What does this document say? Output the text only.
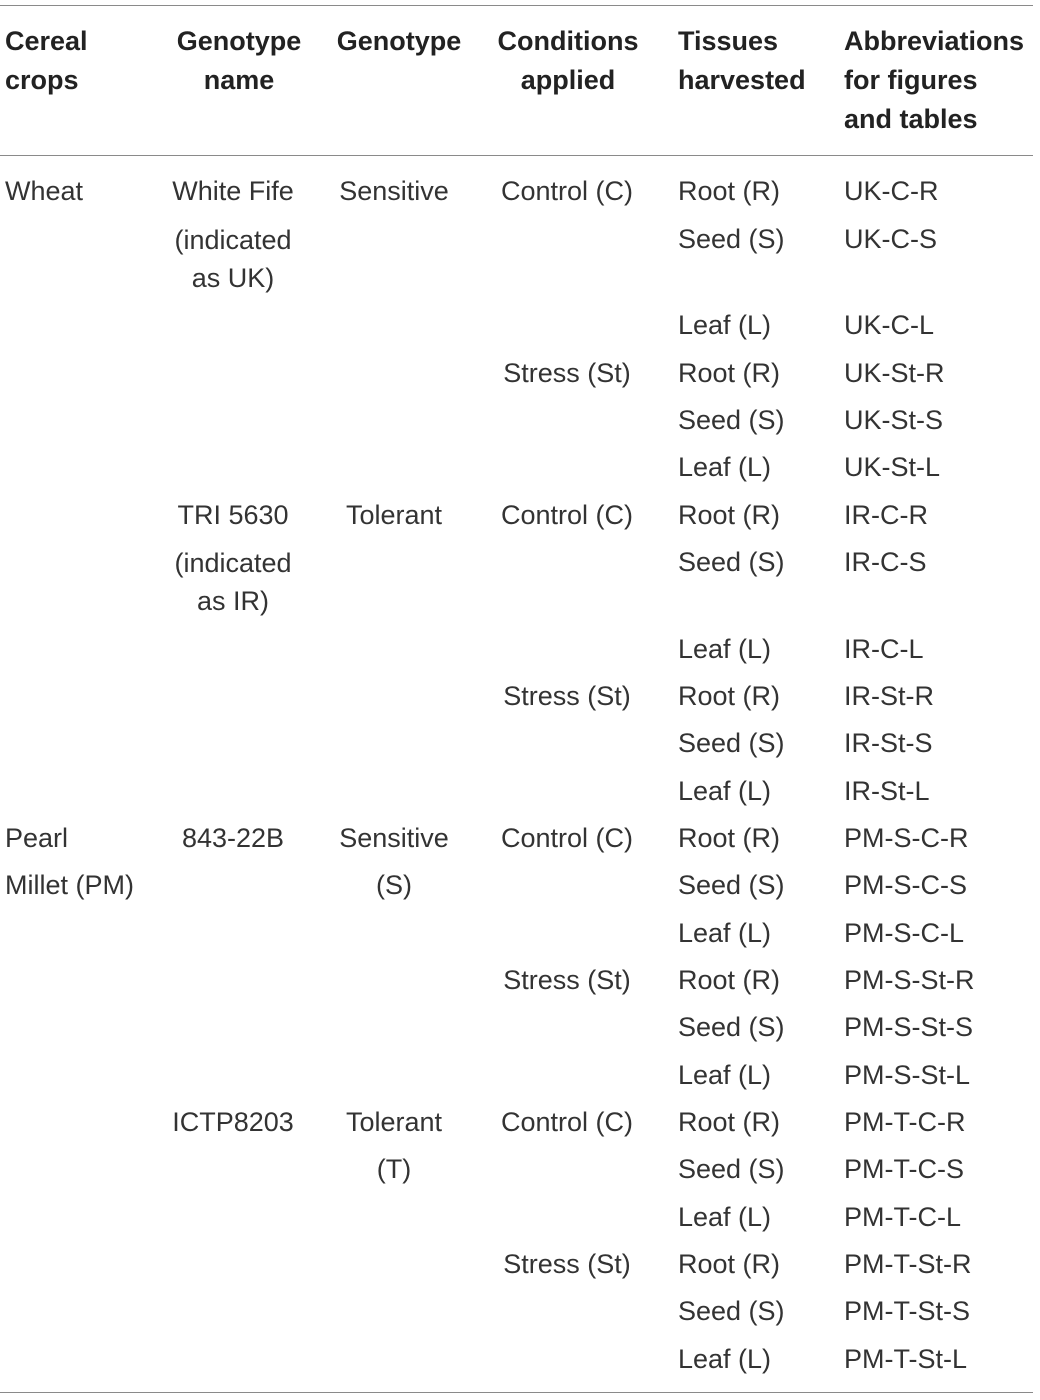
Cereal
crops
Genotype
name
Genotype Conditions
applied
Tissues
harvested
Abbreviations
for figures
and tables
Wheat
Pearl
Millet (PM)
White Fife
(indicated
as UK)
TRI 5630
(indicated
as IR)
843-22B
ICTP8203
Sensitive
Tolerant
Sensitive
(S)
Tolerant
(T)
Control (C)
Stress (St)
Control (C)
Stress (St)
Control (C)
Stress (St)
Control (C)
Stress (St)
Root (R)
Seed (S)
Leaf (L)
Root (R)
Seed (S)
Leaf (L)
Root (R)
Seed (S)
Leaf (L)
Root (R)
Seed (S)
Leaf (L)
Root (R)
Seed (S)
Leaf (L)
Root (R)
Seed (S)
Leaf (L)
Root (R)
Seed (S)
Leaf (L)
Root (R)
Seed (S)
Leaf (L)
UK-C-R
UK-C-S
UK-C-L
UK-St-R
UK-St-S
UK-St-L
IR-C-R
IR-C-S
IR-C-L
IR-St-R
IR-St-S
IR-St-L
PM-S-C-R
PM-S-C-S
PM-S-C-L
PM-S-St-R
PM-S-St-S
PM-S-St-L
PM-T-C-R
PM-T-C-S
PM-T-C-L
PM-T-St-R
PM-T-St-S
PM-T-St-L
